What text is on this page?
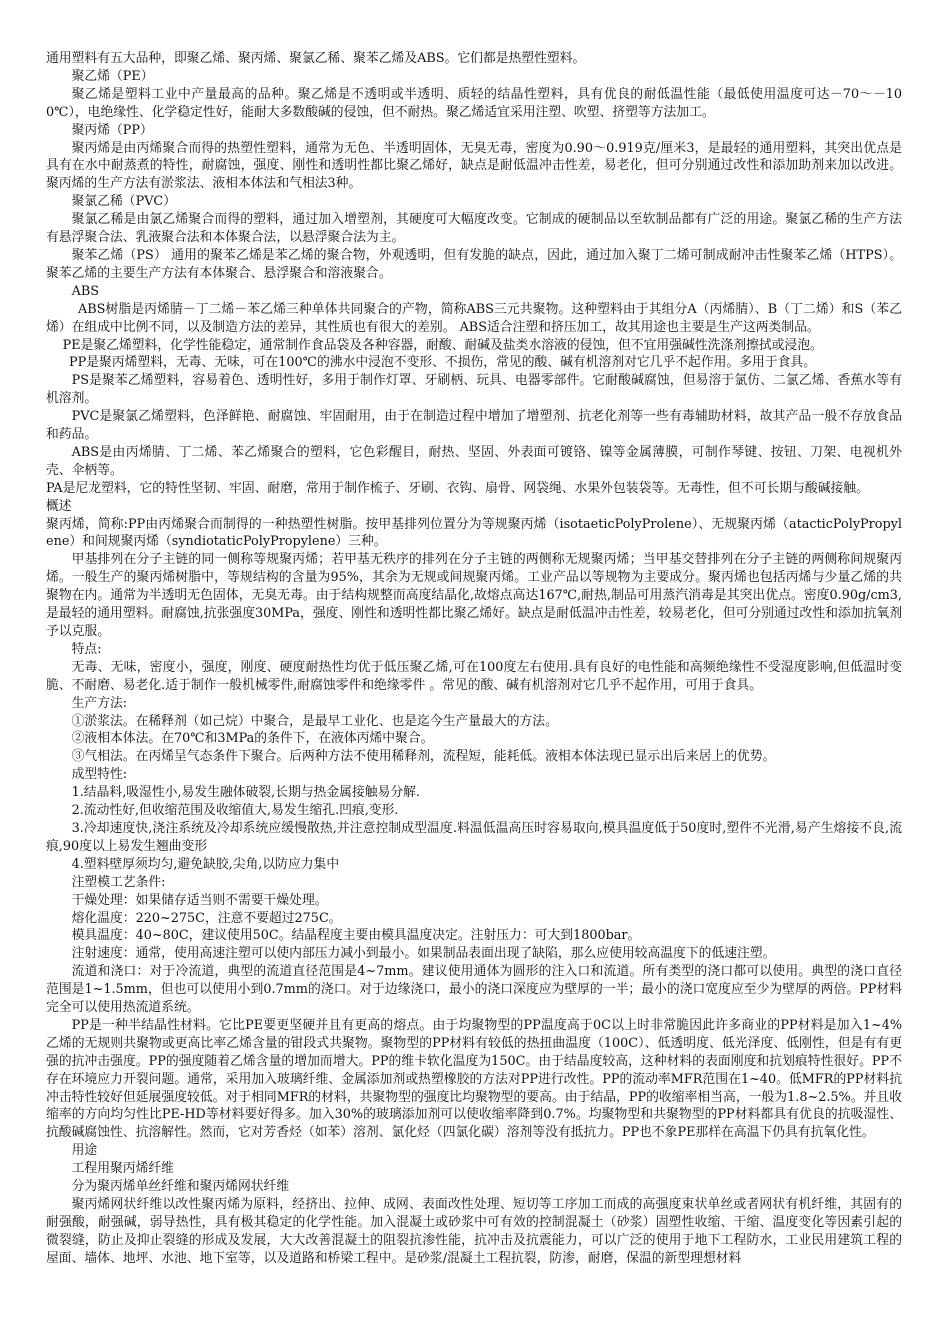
通用塑料有五大品种，即聚乙烯、聚丙烯、聚氯乙稀、聚苯乙烯及ABS。它们都是热塑性塑料。

聚乙烯（PE）

聚乙烯是塑料工业中产量最高的品种。聚乙烯是不透明或半透明、质轻的结晶性塑料，具有优良的耐低温性能（最低使用温度可达－70～－100℃），电绝缘性、化学稳定性好，能耐大多数酸碱的侵蚀，但不耐热。聚乙烯适宜采用注塑、吹塑、挤塑等方法加工。

聚丙烯（PP）

聚丙烯是由丙烯聚合而得的热塑性塑料，通常为无色、半透明固体，无臭无毒，密度为0.90～0.919克/厘米3，是最轻的通用塑料，其突出优点是具有在水中耐蒸煮的特性，耐腐蚀，强度、刚性和透明性都比聚乙烯好，缺点是耐低温冲击性差，易老化，但可分别通过改性和添加助剂来加以改进。聚丙烯的生产方法有淤浆法、液相本体法和气相法3种。

聚氯乙稀（PVC）

聚氯乙稀是由氯乙烯聚合而得的塑料，通过加入增塑剂，其硬度可大幅度改变。它制成的硬制品以至软制品都有广泛的用途。聚氯乙稀的生产方法有悬浮聚合法、乳液聚合法和本体聚合法，以悬浮聚合法为主。

聚苯乙烯（PS） 通用的聚苯乙烯是苯乙烯的聚合物，外观透明，但有发脆的缺点，因此，通过加入聚丁二烯可制成耐冲击性聚苯乙烯（HTPS）。聚苯乙烯的主要生产方法有本体聚合、悬浮聚合和溶液聚合。

ABS

ABS树脂是丙烯腈－丁二烯－苯乙烯三种单体共同聚合的产物，简称ABS三元共聚物。这种塑料由于其组分A（丙烯腈）、B（丁二烯）和S（苯乙烯）在组成中比例不同，以及制造方法的差异，其性质也有很大的差别。 ABS适合注塑和挤压加工，故其用途也主要是生产这两类制品。

PE是聚乙烯塑料，化学性能稳定，通常制作食品袋及各种容器，耐酸、耐碱及盐类水溶液的侵蚀，但不宜用强碱性洗涤剂擦拭或浸泡。

PP是聚丙烯塑料，无毒、无味，可在100℃的沸水中浸泡不变形、不损伤，常见的酸、碱有机溶剂对它几乎不起作用。多用于食具。

PS是聚苯乙烯塑料，容易着色、透明性好，多用于制作灯罩、牙刷柄、玩具、电器零部件。它耐酸碱腐蚀，但易溶于氯仿、二氯乙烯、香蕉水等有机溶剂。

PVC是聚氯乙烯塑料，色泽鲜艳、耐腐蚀、牢固耐用，由于在制造过程中增加了增塑剂、抗老化剂等一些有毒辅助材料，故其产品一般不存放食品和药品。

ABS是由丙烯腈、丁二烯、苯乙烯聚合的塑料，它色彩醒目，耐热、坚固、外表面可镀铬、镍等金属薄膜，可制作琴键、按钮、刀架、电视机外壳、伞柄等。

PA是尼龙塑料，它的特性坚韧、牢固、耐磨，常用于制作梳子、牙刷、衣钩、扇骨、网袋绳、水果外包装袋等。无毒性，但不可长期与酸碱接触。

概述

聚丙烯，简称:PP由丙烯聚合而制得的一种热塑性树脂。按甲基排列位置分为等规聚丙烯（isotaeticPolyProlene）、无规聚丙烯（atacticPolyPropylene）和间规聚丙烯（syndiotaticPolyPropylene）三种。

甲基排列在分子主链的同一侧称等规聚丙烯；若甲基无秩序的排列在分子主链的两侧称无规聚丙烯；当甲基交替排列在分子主链的两侧称间规聚丙烯。一般生产的聚丙烯树脂中，等规结构的含量为95%，其余为无规或间规聚丙烯。工业产品以等规物为主要成分。聚丙烯也包括丙烯与少量乙烯的共聚物在内。通常为半透明无色固体，无臭无毒。由于结构规整而高度结晶化,故熔点高达167℃,耐热,制品可用蒸汽消毒是其突出优点。密度0.90g/cm3,是最轻的通用塑料。耐腐蚀,抗张强度30MPa，强度、刚性和透明性都比聚乙烯好。缺点是耐低温冲击性差，较易老化，但可分别通过改性和添加抗氧剂予以克服。

特点:

无毒、无味，密度小，强度，刚度、硬度耐热性均优于低压聚乙烯,可在100度左右使用.具有良好的电性能和高频绝缘性不受湿度影响,但低温时变脆、不耐磨、易老化.适于制作一般机械零件,耐腐蚀零件和绝缘零件 。常见的酸、碱有机溶剂对它几乎不起作用，可用于食具。

生产方法:

①淤浆法。在稀释剂（如己烷）中聚合，是最早工业化、也是迄今生产量最大的方法。

②液相本体法。在70℃和3MPa的条件下，在液体丙烯中聚合。

③气相法。在丙烯呈气态条件下聚合。后两种方法不使用稀释剂，流程短，能耗低。液相本体法现已显示出后来居上的优势。

成型特性:

1.结晶料,吸湿性小,易发生融体破裂,长期与热金属接触易分解.

2.流动性好,但收缩范围及收缩值大,易发生缩孔.凹痕,变形.

3.冷却速度快,浇注系统及冷却系统应缓慢散热,并注意控制成型温度.料温低温高压时容易取向,模具温度低于50度时,塑件不光滑,易产生熔接不良,流痕,90度以上易发生翘曲变形

4.塑料壁厚须均匀,避免缺胶,尖角,以防应力集中

注塑模工艺条件:

干燥处理：如果储存适当则不需要干燥处理。

熔化温度：220~275C，注意不要超过275C。

模具温度：40~80C，建议使用50C。结晶程度主要由模具温度决定。注射压力：可大到1800bar。

注射速度：通常，使用高速注塑可以使内部压力减小到最小。如果制品表面出现了缺陷，那么应使用较高温度下的低速注塑。

流道和浇口：对于冷流道，典型的流道直径范围是4~7mm。建议使用通体为圆形的注入口和流道。所有类型的浇口都可以使用。典型的浇口直径范围是1~1.5mm，但也可以使用小到0.7mm的浇口。对于边缘浇口，最小的浇口深度应为壁厚的一半；最小的浇口宽度应至少为壁厚的两倍。PP材料完全可以使用热流道系统。

PP是一种半结晶性材料。它比PE要更坚硬并且有更高的熔点。由于均聚物型的PP温度高于0C以上时非常脆因此许多商业的PP材料是加入1~4%乙烯的无规则共聚物或更高比率乙烯含量的钳段式共聚物。聚物型的PP材料有较低的热扭曲温度（100C）、低透明度、低光泽度、低刚性，但是有有更强的抗冲击强度。PP的强度随着乙烯含量的增加而增大。PP的维卡软化温度为150C。由于结晶度较高，这种材料的表面刚度和抗划痕特性很好。PP不存在环境应力开裂问题。通常，采用加入玻璃纤维、金属添加剂或热塑橡胶的方法对PP进行改性。PP的流动率MFR范围在1~40。低MFR的PP材料抗冲击特性较好但延展强度较低。对于相同MFR的材料，共聚物型的强度比均聚物型的要高。由于结晶，PP的收缩率相当高，一般为1.8~2.5%。并且收缩率的方向均匀性比PE-HD等材料要好得多。加入30%的玻璃添加剂可以使收缩率降到0.7%。均聚物型和共聚物型的PP材料都具有优良的抗吸湿性、抗酸碱腐蚀性、抗溶解性。然而，它对芳香烃（如苯）溶剂、氯化烃（四氯化碳）溶剂等没有抵抗力。PP也不象PE那样在高温下仍具有抗氧化性。

用途

工程用聚丙烯纤维

分为聚丙烯单丝纤维和聚丙烯网状纤维

聚丙烯网状纤维以改性聚丙烯为原料，经挤出、拉伸、成网、表面改性处理、短切等工序加工而成的高强度束状单丝或者网状有机纤维，其固有的耐强酸，耐强碱，弱导热性，具有极其稳定的化学性能。加入混凝土或砂浆中可有效的控制混凝土（砂浆）固塑性收缩、干缩、温度变化等因素引起的微裂缝，防止及抑止裂缝的形成及发展，大大改善混凝土的阻裂抗渗性能，抗冲击及抗震能力，可以广泛的使用于地下工程防水，工业民用建筑工程的屋面、墙体、地坪、水池、地下室等，以及道路和桥梁工程中。是砂浆/混凝土工程抗裂，防渗，耐磨，保温的新型理想材料
